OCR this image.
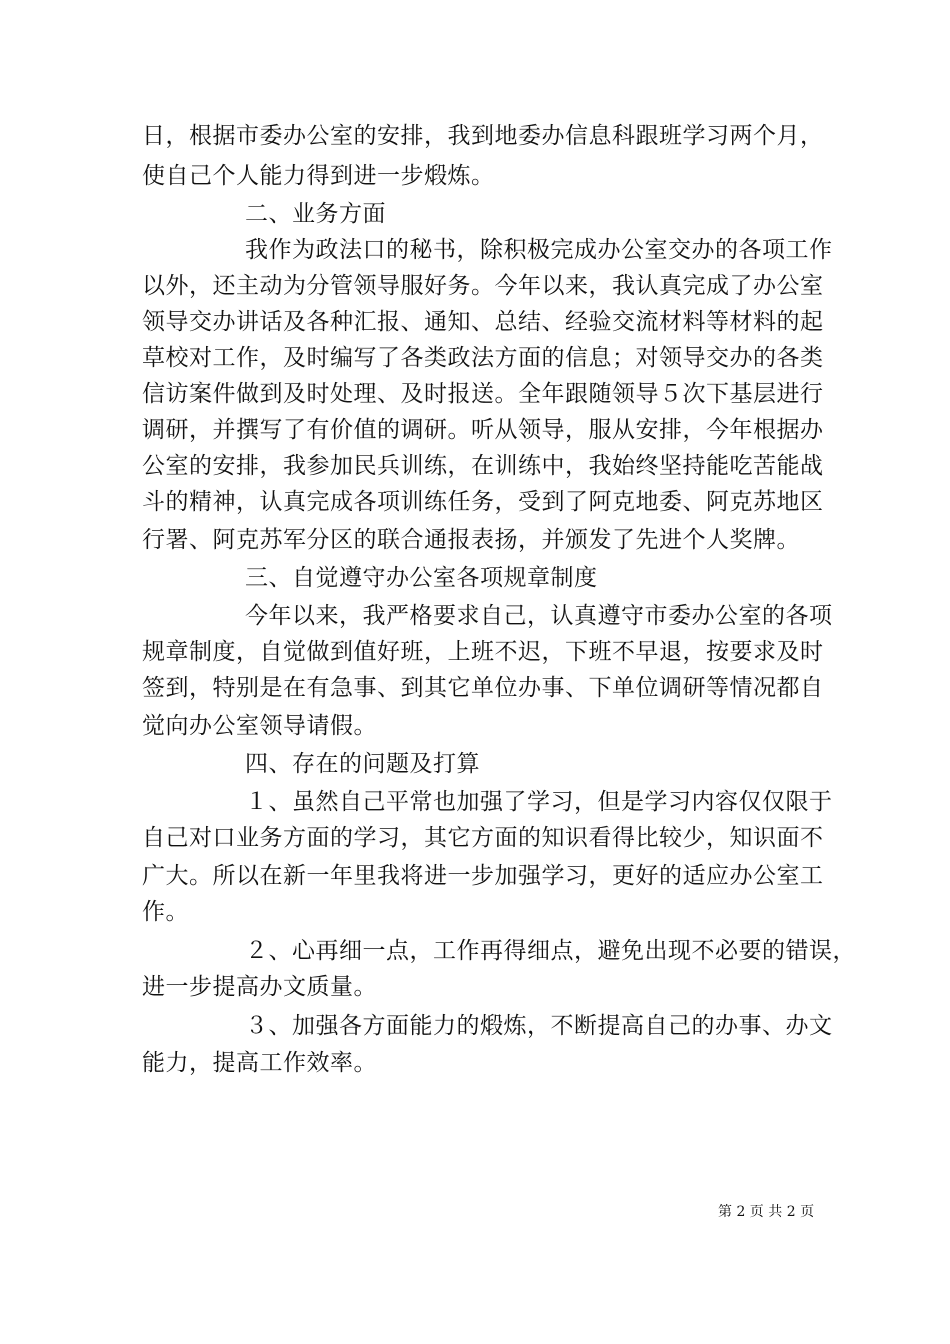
日，根据市委办公室的安排，我到地委办信息科跟班学习两个月，
使自己个人能力得到进一步煅炼。
二、业务方面
我作为政法口的秘书，除积极完成办公室交办的各项工作
以外，还主动为分管领导服好务。今年以来，我认真完成了办公室
领导交办讲话及各种汇报、通知、总结、经验交流材料等材料的起
草校对工作，及时编写了各类政法方面的信息；对领导交办的各类
信访案件做到及时处理、及时报送。全年跟随领导５次下基层进行
调研，并撰写了有价值的调研。听从领导，服从安排，今年根据办
公室的安排，我参加民兵训练，在训练中，我始终坚持能吃苦能战
斗的精神，认真完成各项训练任务，受到了阿克地委、阿克苏地区
行署、阿克苏军分区的联合通报表扬，并颁发了先进个人奖牌。
三、自觉遵守办公室各项规章制度
今年以来，我严格要求自己，认真遵守市委办公室的各项
规章制度，自觉做到值好班，上班不迟，下班不早退，按要求及时
签到，特别是在有急事、到其它单位办事、下单位调研等情况都自
觉向办公室领导请假。
四、存在的问题及打算
１、虽然自己平常也加强了学习，但是学习内容仅仅限于
自己对口业务方面的学习，其它方面的知识看得比较少，知识面不
广大。所以在新一年里我将进一步加强学习，更好的适应办公室工
作。
２、心再细一点，工作再得细点，避免出现不必要的错误，
进一步提高办文质量。
３、加强各方面能力的煅炼，不断提高自己的办事、办文
能力，提高工作效率。
第 2 页 共 2 页
